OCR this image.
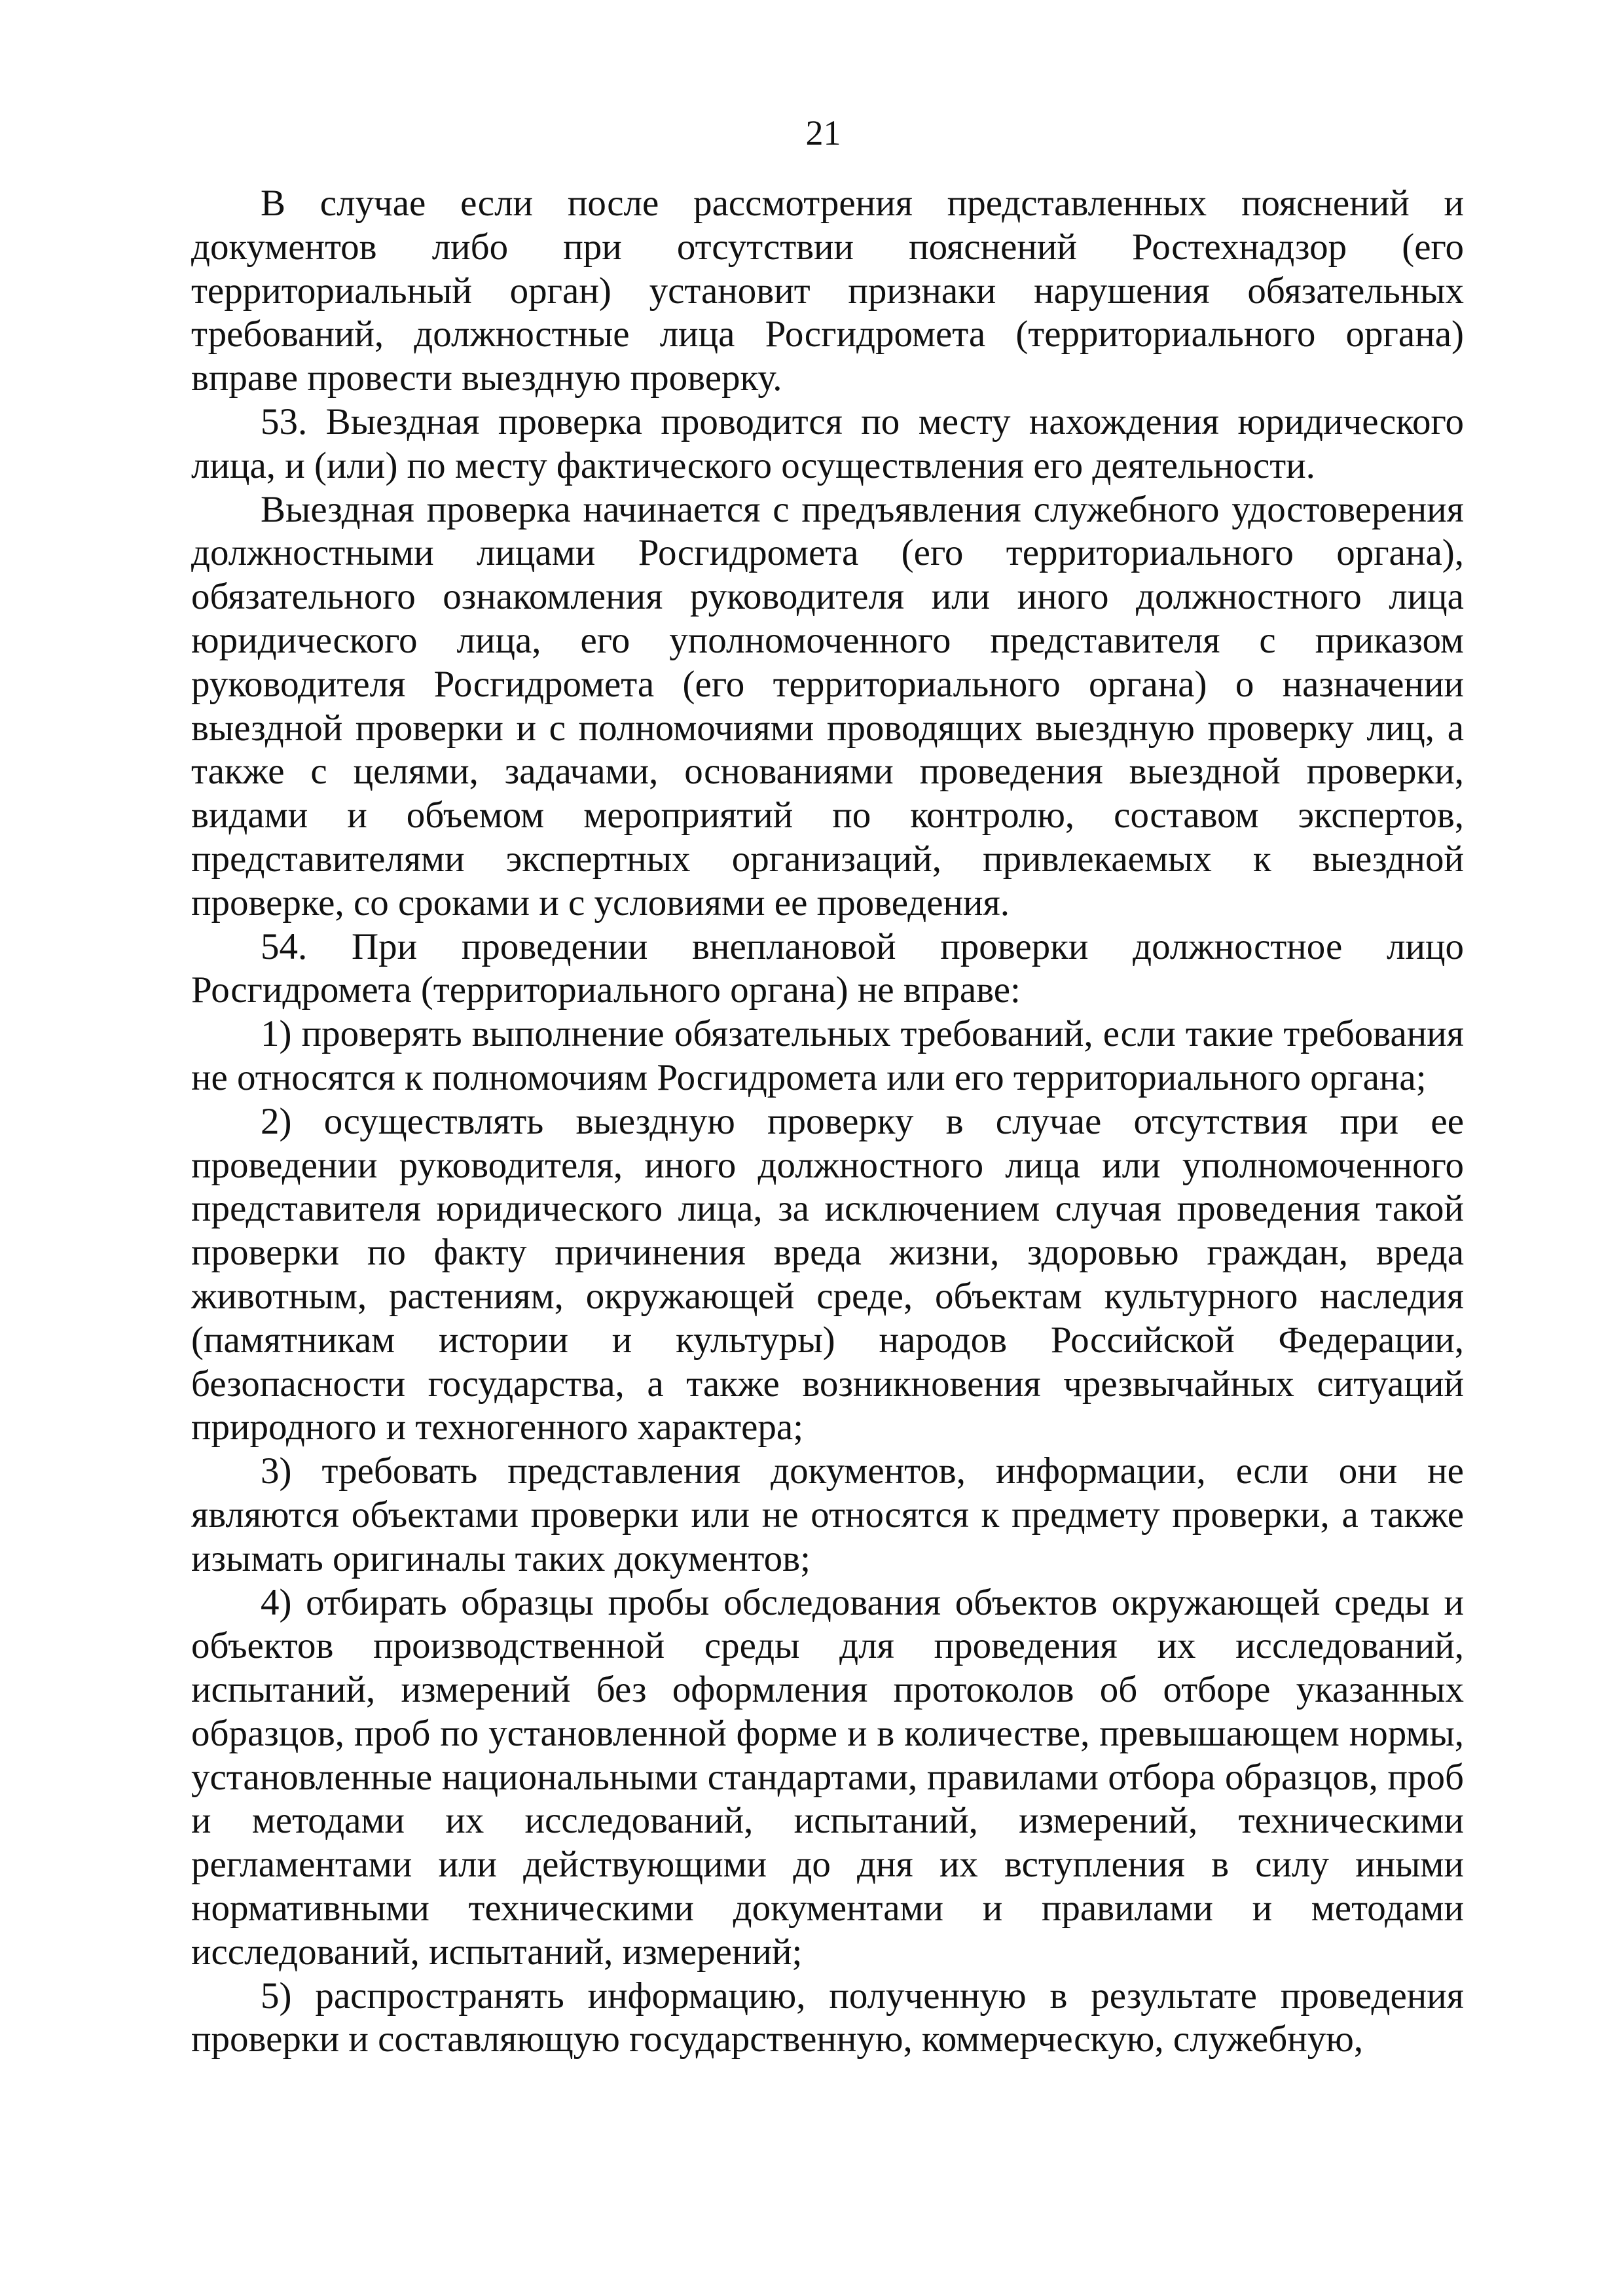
21

В случае если после рассмотрения представленных пояснений и документов либо при отсутствии пояснений Ростехнадзор (его территориальный орган) установит признаки нарушения обязательных требований, должностные лица Росгидромета (территориального органа) вправе провести выездную проверку.

53. Выездная проверка проводится по месту нахождения юридического лица, и (или) по месту фактического осуществления его деятельности.

Выездная проверка начинается с предъявления служебного удостоверения должностными лицами Росгидромета (его территориального органа), обязательного ознакомления руководителя или иного должностного лица юридического лица, его уполномоченного представителя с приказом руководителя Росгидромета (его территориального органа) о назначении выездной проверки и с полномочиями проводящих выездную проверку лиц, а также с целями, задачами, основаниями проведения выездной проверки, видами и объемом мероприятий по контролю, составом экспертов, представителями экспертных организаций, привлекаемых к выездной проверке, со сроками и с условиями ее проведения.

54. При проведении внеплановой проверки должностное лицо Росгидромета (территориального органа) не вправе:

1) проверять выполнение обязательных требований, если такие требования не относятся к полномочиям Росгидромета или его территориального органа;

2) осуществлять выездную проверку в случае отсутствия при ее проведении руководителя, иного должностного лица или уполномоченного представителя юридического лица, за исключением случая проведения такой проверки по факту причинения вреда жизни, здоровью граждан, вреда животным, растениям, окружающей среде, объектам культурного наследия (памятникам истории и культуры) народов Российской Федерации, безопасности государства, а также возникновения чрезвычайных ситуаций природного и техногенного характера;

3) требовать представления документов, информации, если они не являются объектами проверки или не относятся к предмету проверки, а также изымать оригиналы таких документов;

4) отбирать образцы пробы обследования объектов окружающей среды и объектов производственной среды для проведения их исследований, испытаний, измерений без оформления протоколов об отборе указанных образцов, проб по установленной форме и в количестве, превышающем нормы, установленные национальными стандартами, правилами отбора образцов, проб и методами их исследований, испытаний, измерений, техническими регламентами или действующими до дня их вступления в силу иными нормативными техническими документами и правилами и методами исследований, испытаний, измерений;

5) распространять информацию, полученную в результате проведения проверки и составляющую государственную, коммерческую, служебную,
